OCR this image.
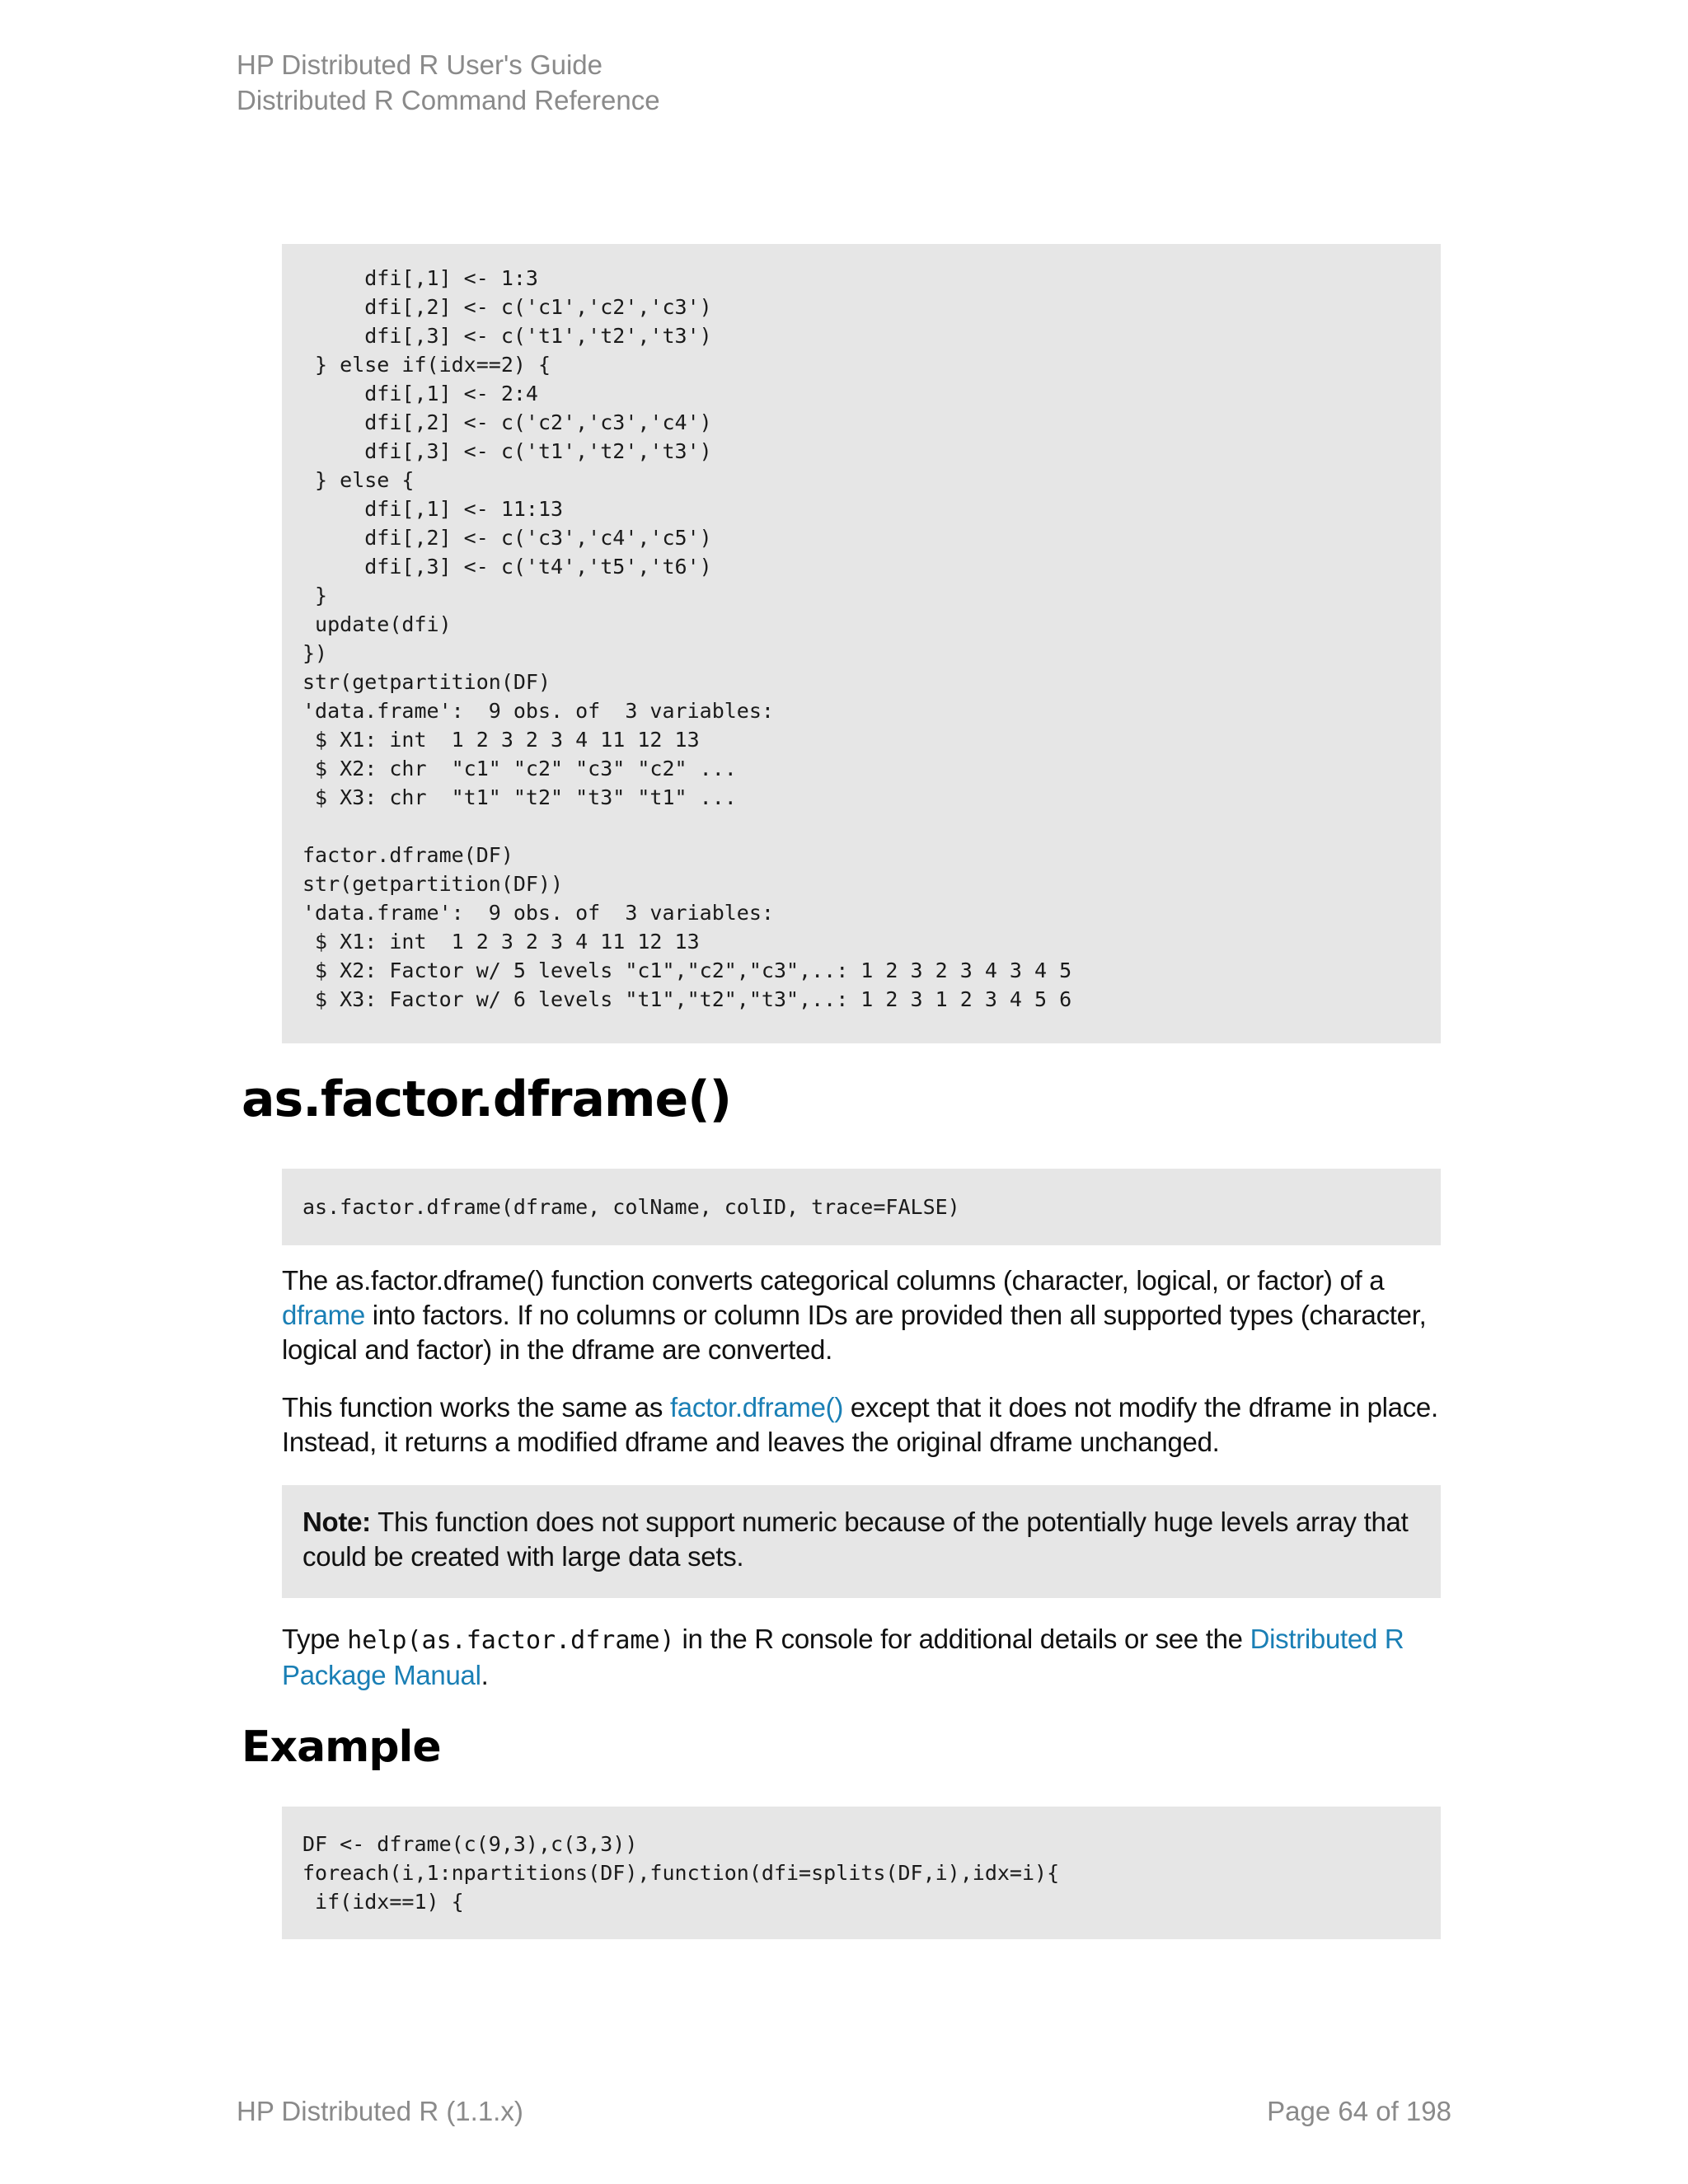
HP Distributed R User's Guide
Distributed R Command Reference
dfi[,1] <- 1:3
dfi[,2] <- c('c1','c2','c3')
dfi[,3] <- c('t1','t2','t3')
} else if(idx==2) {
dfi[,1] <- 2:4
dfi[,2] <- c('c2','c3','c4')
dfi[,3] <- c('t1','t2','t3')
} else {
dfi[,1] <- 11:13
dfi[,2] <- c('c3','c4','c5')
dfi[,3] <- c('t4','t5','t6')
}
update(dfi)
})
str(getpartition(DF)
'data.frame':  9 obs. of  3 variables:
$ X1: int  1 2 3 2 3 4 11 12 13
$ X2: chr  "c1" "c2" "c3" "c2" ...
$ X3: chr  "t1" "t2" "t3" "t1" ...
factor.dframe(DF)
str(getpartition(DF))
'data.frame':  9 obs. of  3 variables:
$ X1: int  1 2 3 2 3 4 11 12 13
$ X2: Factor w/ 5 levels "c1","c2","c3",..: 1 2 3 2 3 4 3 4 5
$ X3: Factor w/ 6 levels "t1","t2","t3",..: 1 2 3 1 2 3 4 5 6
as.factor.dframe()
as.factor.dframe(dframe, colName, colID, trace=FALSE)

The as.factor.dframe() function converts categorical columns (character, logical, or factor) of a dframe into factors. If no columns or column IDs are provided then all supported types (character, logical and factor) in the dframe are converted.

This function works the same as factor.dframe() except that it does not modify the dframe in place. Instead, it returns a modified dframe and leaves the original dframe unchanged.

Note: This function does not support numeric because of the potentially huge levels array that could be created with large data sets.

Type help(as.factor.dframe) in the R console for additional details or see the Distributed R Package Manual.

Example
DF <- dframe(c(9,3),c(3,3))
foreach(i,1:npartitions(DF),function(dfi=splits(DF,i),idx=i){
if(idx==1) {
HP Distributed R (1.1.x)	Page 64 of 198
